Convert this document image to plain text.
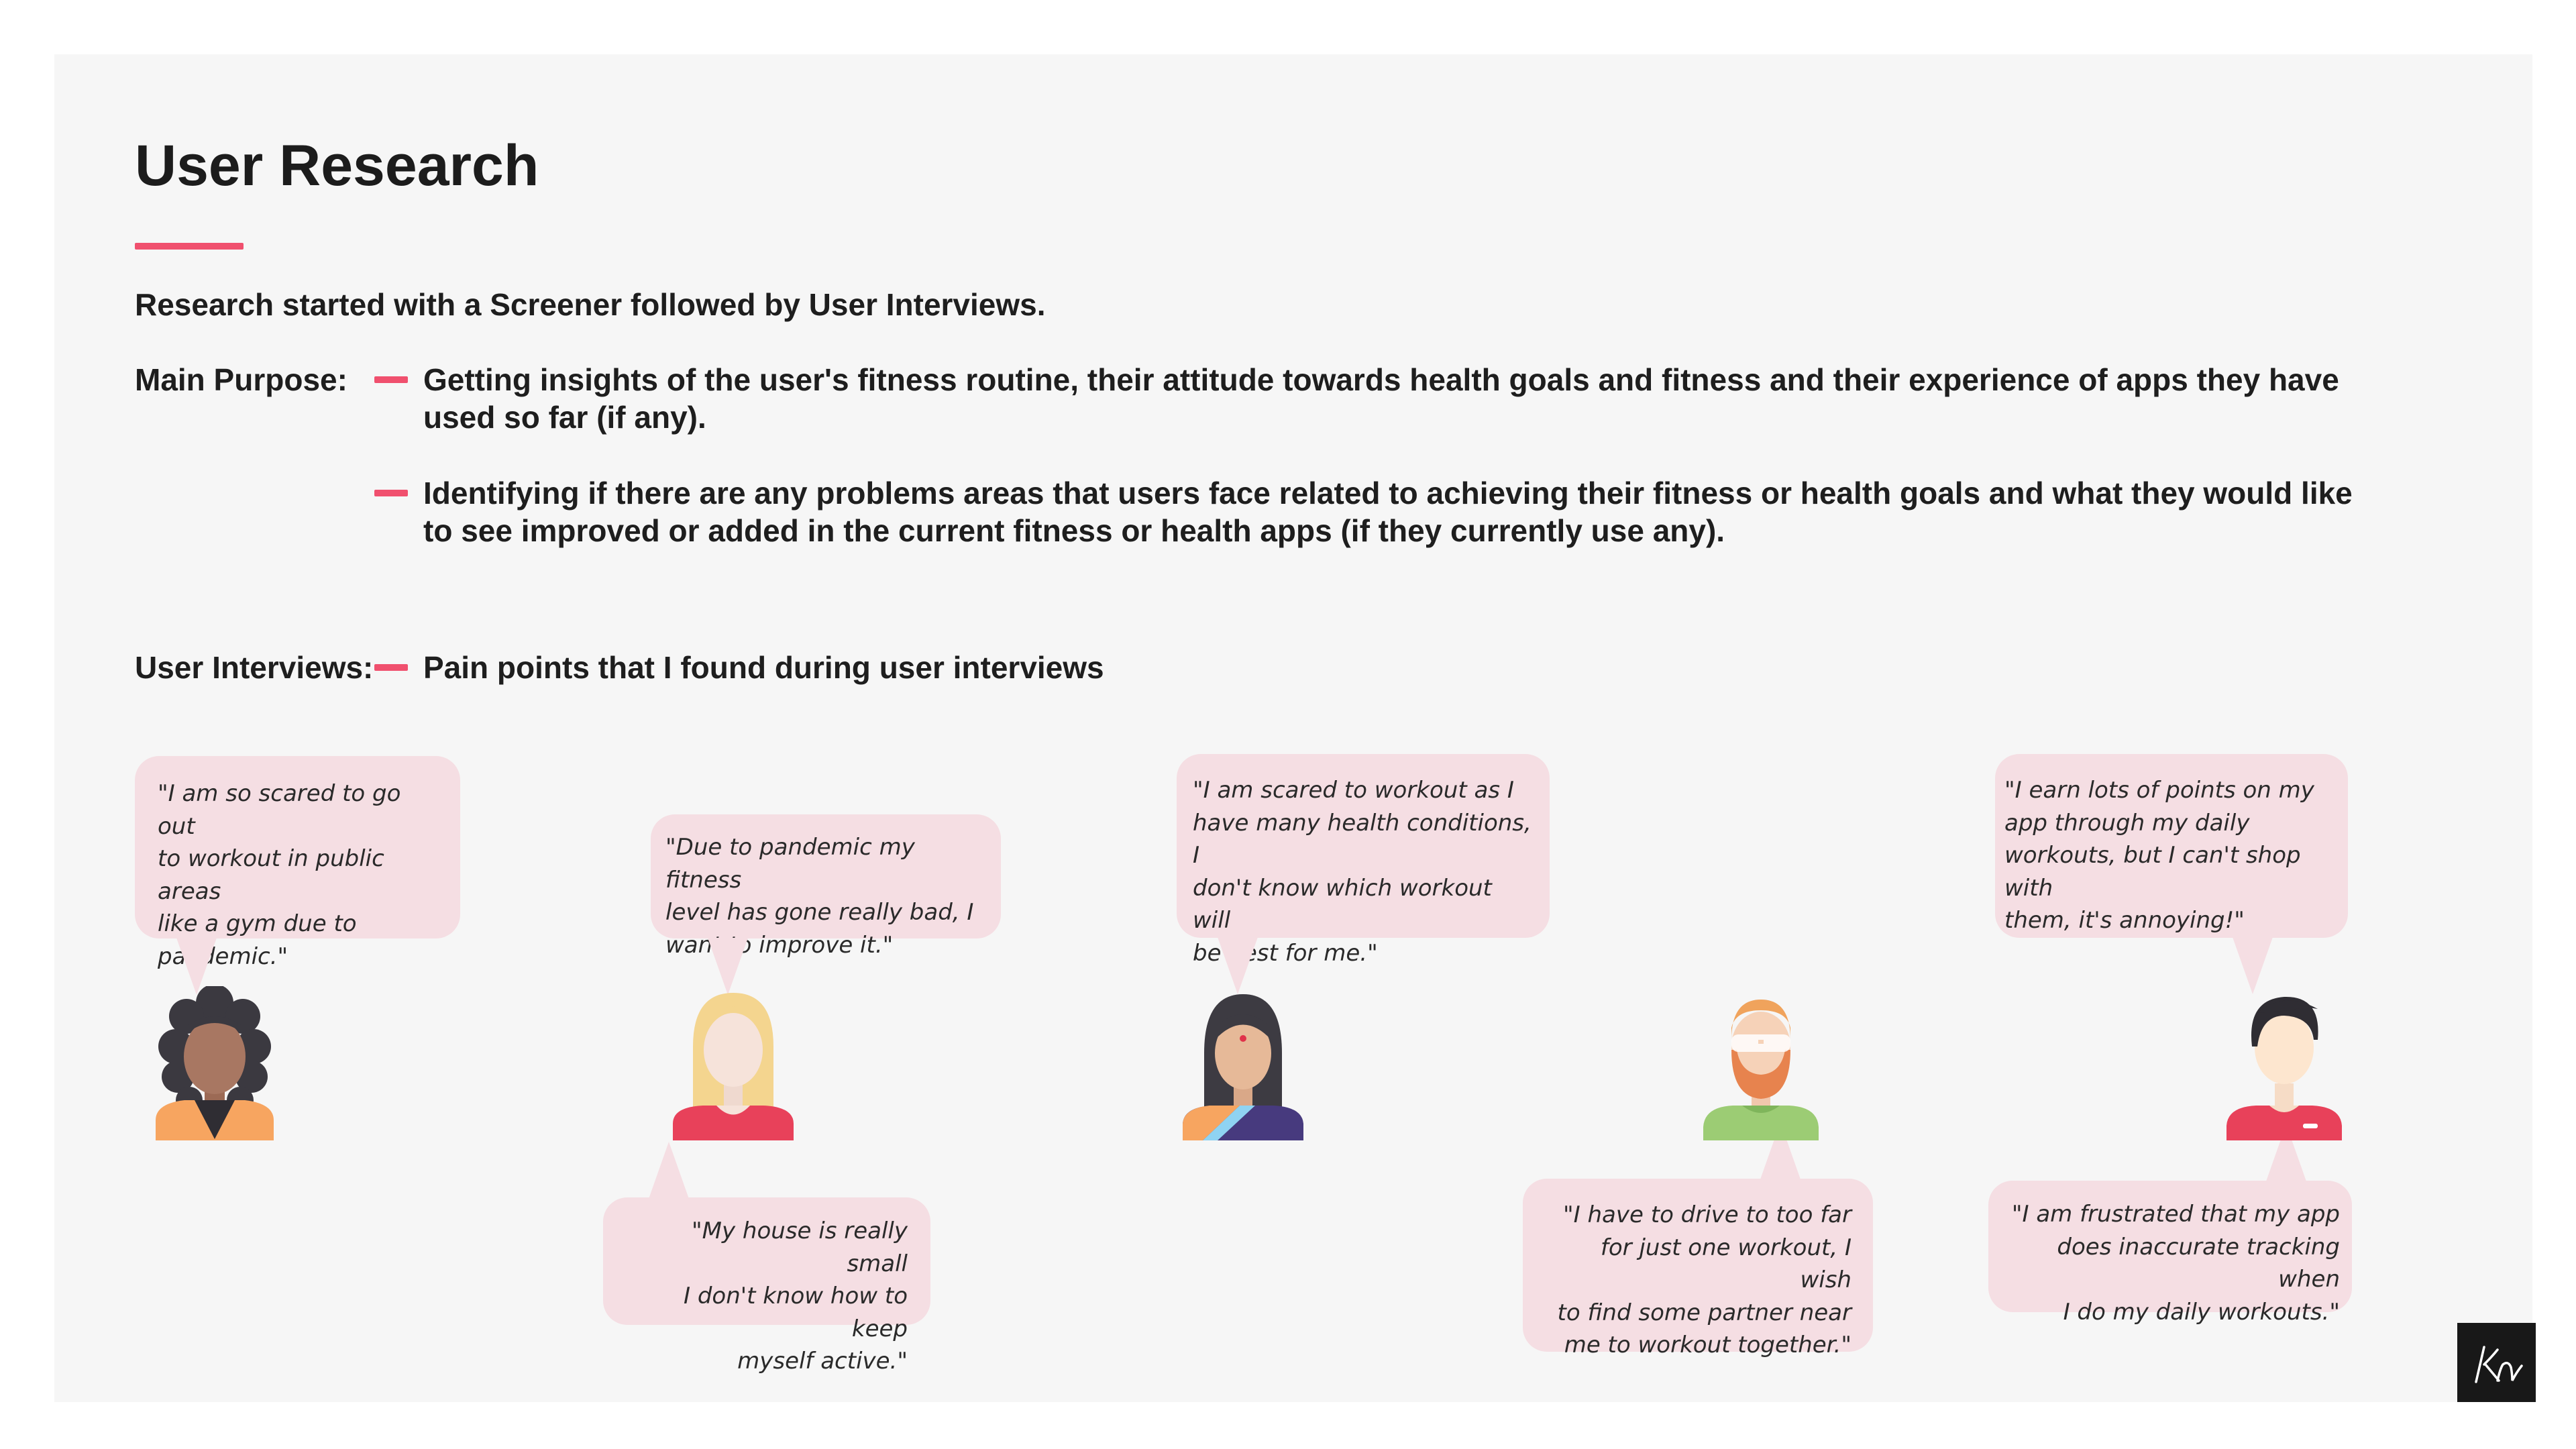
User Research
Research started with a Screener followed by User Interviews.
Main Purpose: Getting insights of the user's fitness routine, their attitude towards health goals and fitness and their experience of apps they have used so far (if any).
Identifying if there are any problems areas that users face related to achieving their fitness or health goals and what they would like to see improved or added in the current fitness or health apps (if they currently use any).
User Interviews: Pain points that I found during user interviews

"I am so scared to go out

to workout in public areas

like a gym due to

pandemic."

"Due to pandemic my fitness

level has gone really bad, I

want to improve it."

"My house is really small

I don't know how to keep

myself active."

"I am scared to workout as I

have many health conditions, I

don't know which workout will

be best for me."

"I have to drive to too far

for just one workout, I wish

to find some partner near

me to workout together."

"I earn lots of points on my

app through my daily

workouts, but I can't shop with

them, it's annoying!"

"I am frustrated that my app

does inaccurate tracking when

I do my daily workouts."
